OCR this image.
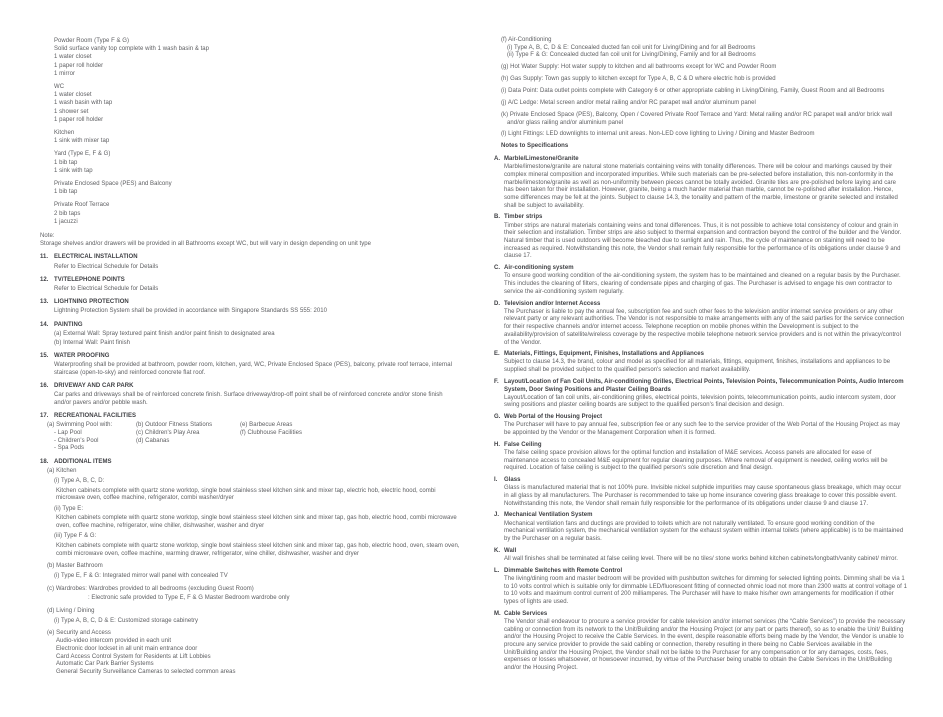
Powder Room (Type F & G)
Solid surface vanity top complete with 1 wash basin & tap
1 water closet
1 paper roll holder
1 mirror
WC
1 water closet
1 wash basin with tap
1 shower set
1 paper roll holder
Kitchen
1 sink with mixer tap
Yard (Type E, F & G)
1 bib tap
1 sink with tap
Private Enclosed Space (PES) and Balcony
1 bib tap
Private Roof Terrace
2 bib taps
1 jacuzzi
Note:
Storage shelves and/or drawers will be provided in all Bathrooms except WC, but will vary in design depending on unit type
11. ELECTRICAL INSTALLATION

Refer to Electrical Schedule for Details

12. TV/TELEPHONE POINTS

Refer to Electrical Schedule for Details

13. LIGHTNING PROTECTION

Lightning Protection System shall be provided in accordance with Singapore Standards SS 555: 2010

14. PAINTING

(a) External Wall: Spray textured paint finish and/or paint finish to designated area

(b) Internal Wall: Paint finish

15. WATER PROOFING

Waterproofing shall be provided at bathroom, powder room, kitchen, yard, WC, Private Enclosed Space (PES), balcony, private roof terrace, internal staircase (open-to-sky) and reinforced concrete flat roof.

16. DRIVEWAY AND CAR PARK

Car parks and driveways shall be of reinforced concrete finish. Surface driveway/drop-off point shall be of reinforced concrete and/or stone finish and/or pavers and/or pebble wash.

17. RECREATIONAL FACILITIES
(a) Swimming Pool with:
- Lap Pool
- Children's Pool
- Spa Pods
(b) Outdoor Fitness Stations
(c) Children's Play Area
(d) Cabanas
(e) Barbecue Areas
(f) Clubhouse Facilities
18. ADDITIONAL ITEMS
(a) Kitchen
(i) Type A, B, C, D:
Kitchen cabinets complete with quartz stone worktop, single bowl stainless steel kitchen sink and mixer tap, electric hob, electric hood, combi microwave oven, coffee machine, refrigerator, combi washer/dryer
(ii) Type E:
Kitchen cabinets complete with quartz stone worktop, single bowl stainless steel kitchen sink and mixer tap, gas hob, electric hood, combi microwave oven, coffee machine, refrigerator, wine chiller, dishwasher, washer and dryer
(iii) Type F & G:
Kitchen cabinets complete with quartz stone worktop, single bowl stainless steel kitchen sink and mixer tap, gas hob, electric hood, oven, steam oven, combi microwave oven, coffee machine, warming drawer, refrigerator, wine chiller, dishwasher, washer and dryer
(b) Master Bathroom
(i) Type E, F & G: Integrated mirror wall panel with concealed TV
(c) Wardrobes: Wardrobes provided to all bedrooms (excluding Guest Room)
: Electronic safe provided to Type E, F & G Master Bedroom wardrobe only
(d) Living / Dining
(i) Type A, B, C, D & E: Customized storage cabinetry
(e) Security and Access
Audio-video intercom provided in each unit
Electronic door lockset in all unit main entrance door
Card Access Control System for Residents at Lift Lobbies
Automatic Car Park Barrier Systems
General Security Surveillance Cameras to selected common areas

(f) Air-Conditioning

(i) Type A, B, C, D & E: Concealed ducted fan coil unit for Living/Dining and for all Bedrooms
(ii) Type F & G: Concealed ducted fan coil unit for Living/Dining, Family and for all Bedrooms

(g) Hot Water Supply: Hot water supply to kitchen and all bathrooms except for WC and Powder Room

(h) Gas Supply: Town gas supply to kitchen except for Type A, B, C & D where electric hob is provided

(i) Data Point: Data outlet points complete with Category 6 or other appropriate cabling in Living/Dining, Family, Guest Room and all Bedrooms

(j) A/C Ledge: Metal screen and/or metal railing and/or RC parapet wall and/or aluminum panel

(k) Private Enclosed Space (PES), Balcony, Open / Covered Private Roof Terrace and Yard: Metal railing and/or RC parapet wall and/or brick wall and/or glass railing and/or aluminium panel

(l) Light Fittings: LED downlights to internal unit areas. Non-LED cove lighting to Living / Dining and Master Bedroom

Notes to Specifications
A. Marble/Limestone/Granite
Marble/limestone/granite are natural stone materials containing veins with tonality differences. There will be colour and markings caused by their complex mineral composition and incorporated impurities. While such materials can be pre-selected before installation, this non-conformity in the marble/limestone/granite as well as non-uniformity between pieces cannot be totally avoided. Granite tiles are pre-polished before laying and care has been taken for their installation. However, granite, being a much harder material than marble, cannot be re-polished after installation. Hence, some differences may be felt at the joints. Subject to clause 14.3, the tonality and pattern of the marble, limestone or granite selected and installed shall be subject to availability.
B. Timber strips
Timber strips are natural materials containing veins and tonal differences. Thus, it is not possible to achieve total consistency of colour and grain in their selection and installation. Timber strips are also subject to thermal expansion and contraction beyond the control of the builder and the Vendor. Natural timber that is used outdoors will become bleached due to sunlight and rain. Thus, the cycle of maintenance on staining will need to be increased as required. Notwithstanding this note, the Vendor shall remain fully responsible for the performance of its obligations under clause 9 and clause 17.
C. Air-conditioning system
To ensure good working condition of the air-conditioning system, the system has to be maintained and cleaned on a regular basis by the Purchaser. This includes the cleaning of filters, clearing of condensate pipes and charging of gas. The Purchaser is advised to engage his own contractor to service the air-conditioning system regularly.
D. Television and/or Internet Access
The Purchaser is liable to pay the annual fee, subscription fee and such other fees to the television and/or internet service providers or any other relevant party or any relevant authorities. The Vendor is not responsible to make arrangements with any of the said parties for the service connection for their respective channels and/or internet access. Telephone reception on mobile phones within the Development is subject to the availability/provision of satellite/wireless coverage by the respective mobile telephone network service providers and is not within the privacy/control of the Vendor.
E. Materials, Fittings, Equipment, Finishes, Installations and Appliances
Subject to clause 14.3, the brand, colour and model as specified for all materials, fittings, equipment, finishes, installations and appliances to be supplied shall be provided subject to the qualified person's selection and market availability.
F. Layout/Location of Fan Coil Units, Air-conditioning Grilles, Electrical Points, Television Points, Telecommunication Points, Audio Intercom System, Door Swing Positions and Plaster Ceiling Boards
Layout/Location of fan coil units, air-conditioning grilles, electrical points, television points, telecommunication points, audio intercom system, door swing positions and plaster ceiling boards are subject to the qualified person's final decision and design.
G. Web Portal of the Housing Project
The Purchaser will have to pay annual fee, subscription fee or any such fee to the service provider of the Web Portal of the Housing Project as may be appointed by the Vendor or the Management Corporation when it is formed.
H. False Ceiling
The false ceiling space provision allows for the optimal function and installation of M&E services. Access panels are allocated for ease of maintenance access to concealed M&E equipment for regular cleaning purposes. Where removal of equipment is needed, ceiling works will be required. Location of false ceiling is subject to the qualified person's sole discretion and final design.
I.	Glass
Glass is manufactured material that is not 100% pure. Invisible nickel sulphide impurities may cause spontaneous glass breakage, which may occur in all glass by all manufacturers. The Purchaser is recommended to take up home insurance covering glass breakage to cover this possible event. Notwithstanding this note, the Vendor shall remain fully responsible for the performance of its obligations under clause 9 and clause 17.
J. Mechanical Ventilation System
Mechanical ventilation fans and ductings are provided to toilets which are not naturally ventilated. To ensure good working condition of the mechanical ventilation system, the mechanical ventilation system for the exhaust system within internal toilets (where applicable) is to be maintained by the Purchaser on a regular basis.
K. Wall
All wall finishes shall be terminated at false ceiling level. There will be no tiles/ stone works behind kitchen cabinets/longbath/vanity cabinet/ mirror.
L. Dimmable Switches with Remote Control
The living/dining room and master bedroom will be provided with pushbutton switches for dimming for selected lighting points. Dimming shall be via 1 to 10 volts control which is suitable only for dimmable LED/fluorescent fitting of connected ohmic load not more than 2300 watts at control voltage of 1 to 10 volts and maximum control current of 200 milliamperes. The Purchaser will have to make his/her own arrangements for modification if other types of lights are used.
M. Cable Services
The Vendor shall endeavour to procure a service provider for cable television and/or internet services (the “Cable Services”) to provide the necessary cabling or connection from its network to the Unit/Building and/or the Housing Project (or any part or parts thereof), so as to enable the Unit/ Building and/or the Housing Project to receive the Cable Services. In the event, despite reasonable efforts being made by the Vendor, the Vendor is unable to procure any service provider to provide the said cabling or connection, thereby resulting in there being no Cable Services available in the Unit/Building and/or the Housing Project, the Vendor shall not be liable to the Purchaser for any compensation or for any damages, costs, fees, expenses or losses whatsoever, or howsoever incurred, by virtue of the Purchaser being unable to obtain the Cable Services in the Unit/Building and/or the Housing Project.
